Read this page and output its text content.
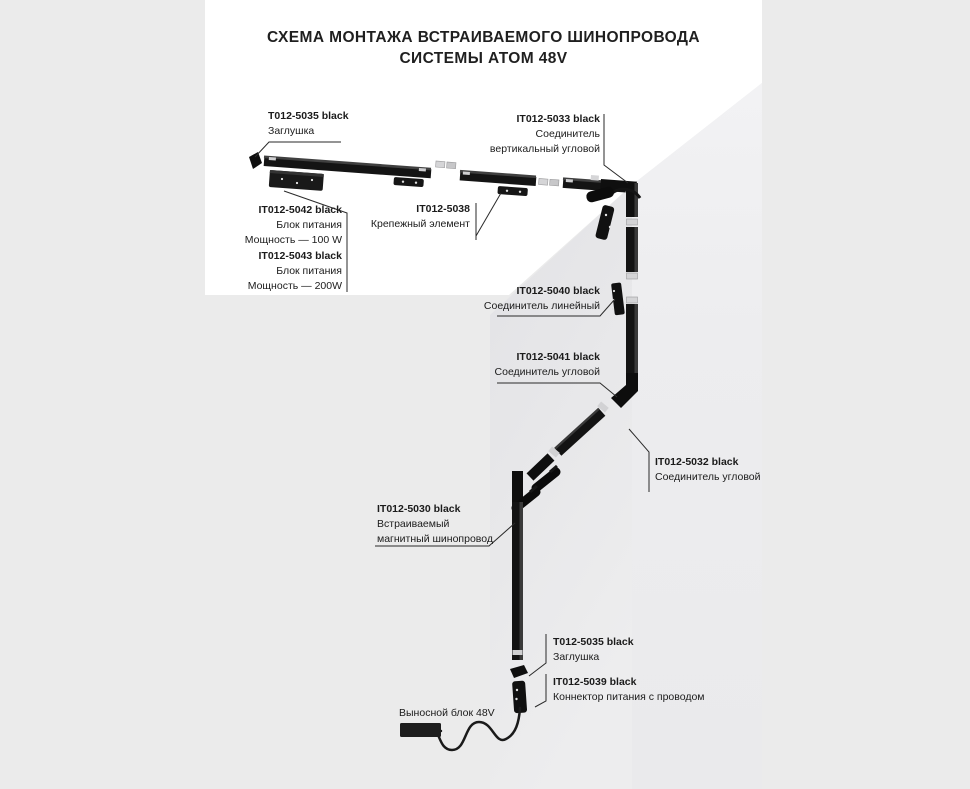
СХЕМА МОНТАЖА ВСТРАИВАЕМОГО ШИНОПРОВОДА
СИСТЕМЫ АТОМ 48V
T012-5035 black
Заглушка
IT012-5033 black
Соединитель
вертикальный угловой
IT012-5042 black
Блок питания
Мощность — 100 W
IT012-5043 black
Блок питания
Мощность — 200W
IT012-5038
Крепежный элемент
IT012-5040 black
Соединитель линейный
IT012-5041 black
Соединитель угловой
IT012-5032 black
Соединитель угловой
IT012-5030 black
Встраиваемый
магнитный шинопровод
T012-5035 black
Заглушка
IT012-5039 black
Коннектор питания с проводом
Выносной блок 48V
